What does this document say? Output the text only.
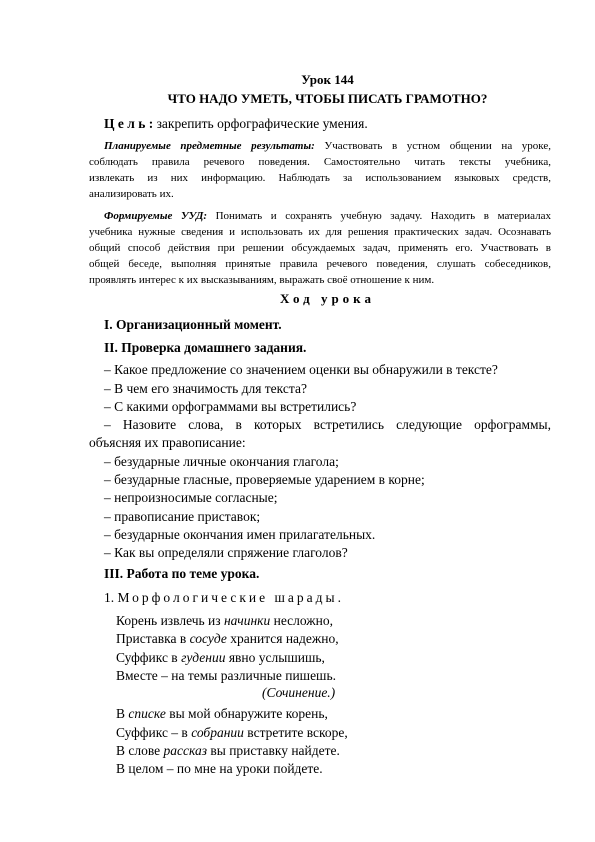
Урок 144
ЧТО НАДО УМЕТЬ, ЧТОБЫ ПИСАТЬ ГРАМОТНО?
Ц е л ь : закрепить орфографические умения.
Планируемые предметные результаты: Участвовать в устном общении на уроке,
соблюдать правила речевого поведения. Самостоятельно читать тексты учебника,
извлекать из них информацию. Наблюдать за использованием языковых средств,
анализировать их.
Формируемые УУД: Понимать и сохранять учебную задачу. Находить в материалах
учебника нужные сведения и использовать их для решения практических задач. Осознавать
общий способ действия при решении обсуждаемых задач, применять его. Участвовать в
общей беседе, выполняя принятые правила речевого поведения, слушать собеседников,
проявлять интерес к их высказываниям, выражать своё отношение к ним.
Ход урока
I. Организационный момент.
II. Проверка домашнего задания.
– Какое предложение со значением оценки вы обнаружили в тексте?
– В чем его значимость для текста?
– С какими орфограммами вы встретились?
– Назовите слова, в которых встретились следующие орфограммы,
объясняя их правописание:
– безударные личные окончания глагола;
– безударные гласные, проверяемые ударением в корне;
– непроизносимые согласные;
– правописание приставок;
– безударные окончания имен прилагательных.
– Как вы определяли спряжение глаголов?
III. Работа по теме урока.
1. Морфологические шарады.
Корень извлечь из начинки несложно,
Приставка в сосуде хранится надежно,
Суффикс в гудении явно услышишь,
Вместе – на темы различные пишешь.
(Сочинение.)
В списке вы мой обнаружите корень,
Суффикс – в собрании встретите вскоре,
В слове рассказ вы приставку найдете.
В целом – по мне на уроки пойдете.
